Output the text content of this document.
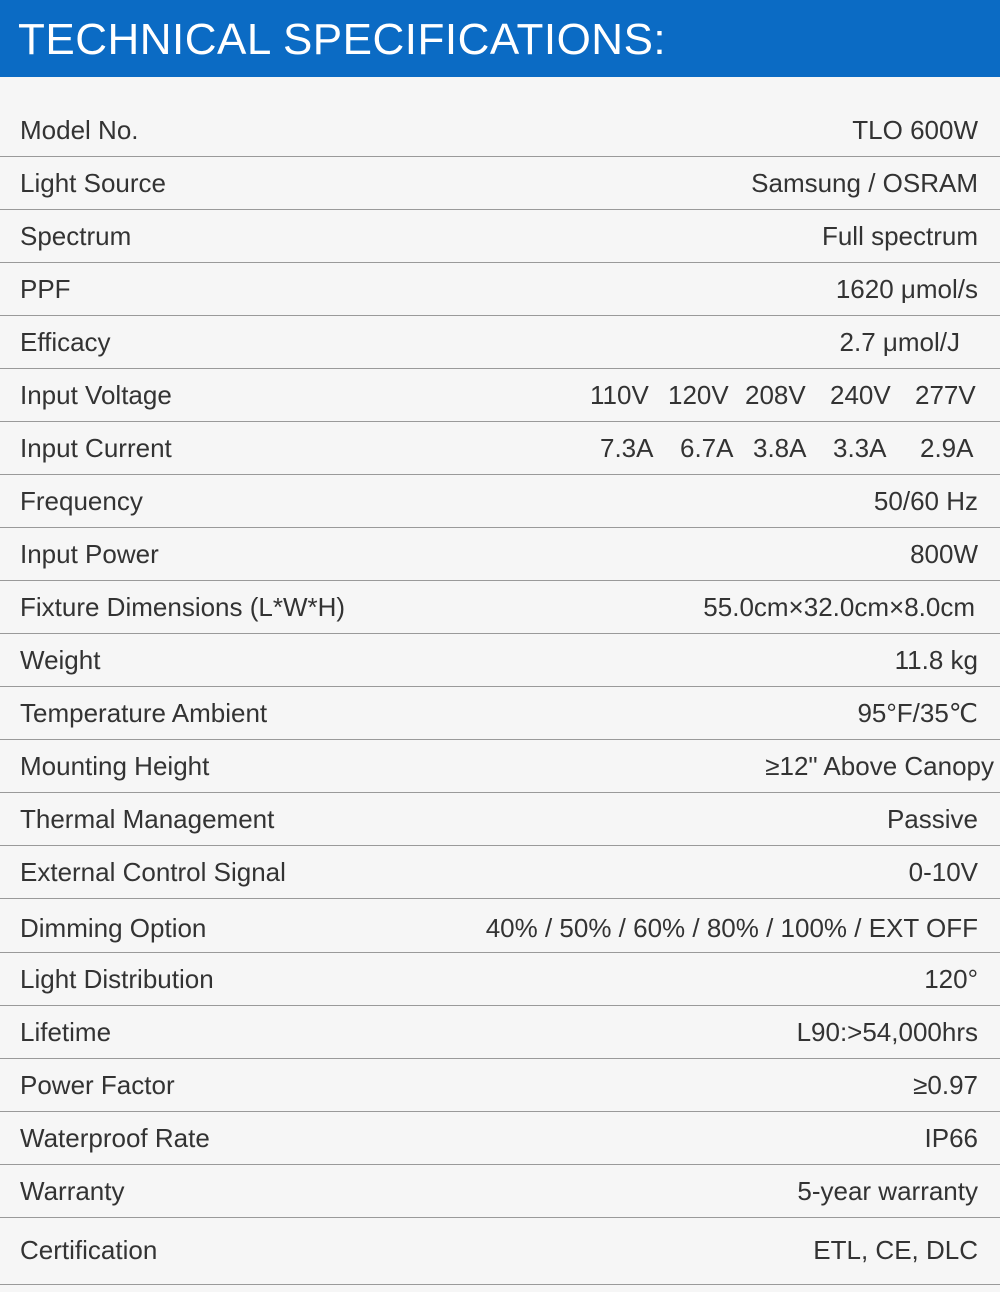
TECHNICAL SPECIFICATIONS:
Model No.	TLO 600W
Light Source	Samsung / OSRAM
Spectrum	Full spectrum
PPF	1620 μmol/s
Efficacy	2.7 μmol/J
Input Voltage	110V 120V 208V 240V 277V
Input Current	7.3A 6.7A 3.8A 3.3A 2.9A
Frequency	50/60 Hz
Input Power	800W
Fixture Dimensions (L*W*H)	55.0cm×32.0cm×8.0cm
Weight	11.8 kg
Temperature Ambient	95°F/35℃
Mounting Height	≥12" Above Canopy
Thermal Management	Passive
External Control Signal	0-10V
Dimming Option	40% / 50% / 60% / 80% / 100% / EXT OFF
Light Distribution	120°
Lifetime	L90:>54,000hrs
Power Factor	≥0.97
Waterproof Rate	IP66
Warranty	5-year warranty
Certification	ETL, CE, DLC
